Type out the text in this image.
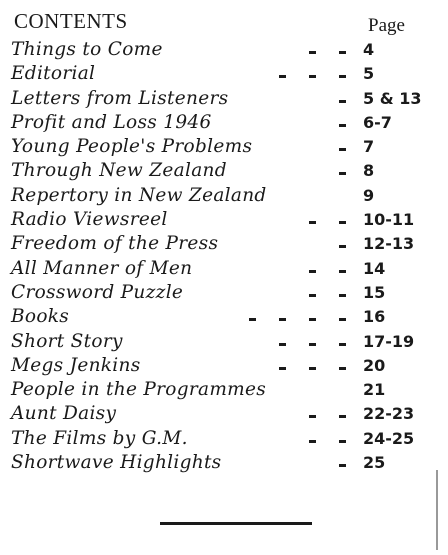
CONTENTS	Page
Things to Come	4
Editorial	5
Letters from Listeners	5 & 13
Profit and Loss 1946	6-7
Young People's Problems	7
Through New Zealand	8
Repertory in New Zealand	9
Radio Viewsreel	10-11
Freedom of the Press	12-13
All Manner of Men	14
Crossword Puzzle	15
Books	16
Short Story	17-19
Megs Jenkins	20
People in the Programmes	21
Aunt Daisy	22-23
The Films by G.M.	24-25
Shortwave Highlights	25
